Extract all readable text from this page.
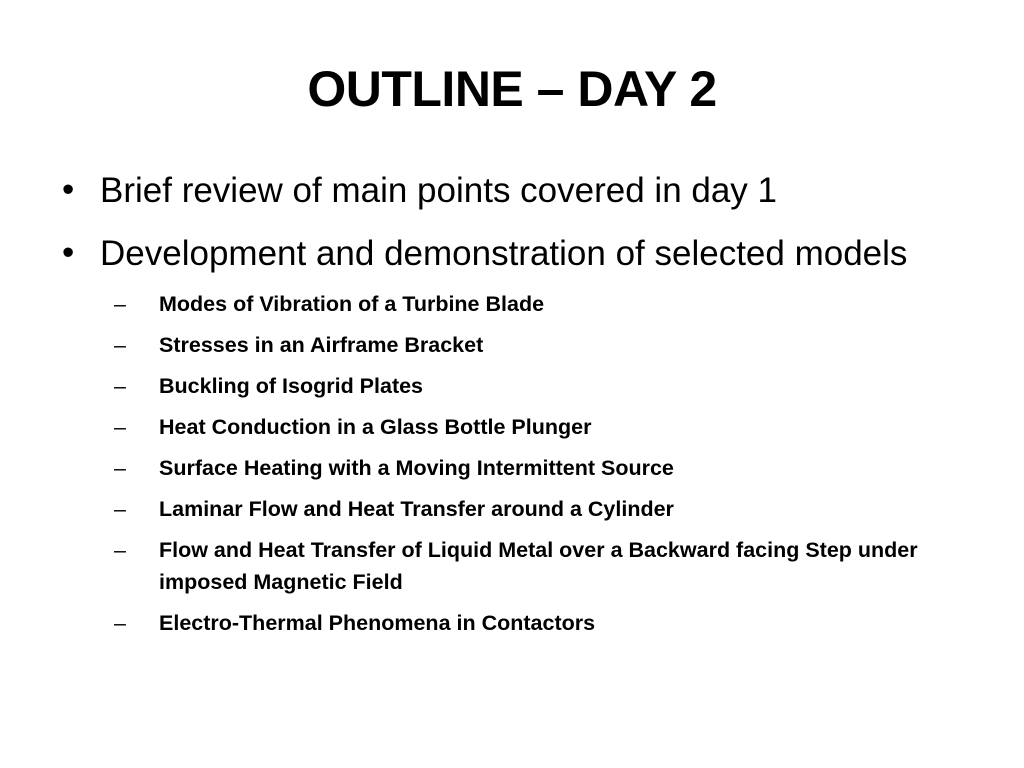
OUTLINE – DAY 2
• Brief review of main points covered in day 1
• Development and demonstration of selected models
–	Modes of Vibration of a Turbine Blade
–	Stresses in an Airframe Bracket
–	Buckling of Isogrid Plates
–	Heat Conduction in a Glass Bottle Plunger
–	Surface Heating with a Moving Intermittent Source
–	Laminar Flow and Heat Transfer around a Cylinder
–	Flow and Heat Transfer of Liquid Metal over a Backward facing Step under imposed Magnetic Field
–	Electro-Thermal Phenomena in Contactors
